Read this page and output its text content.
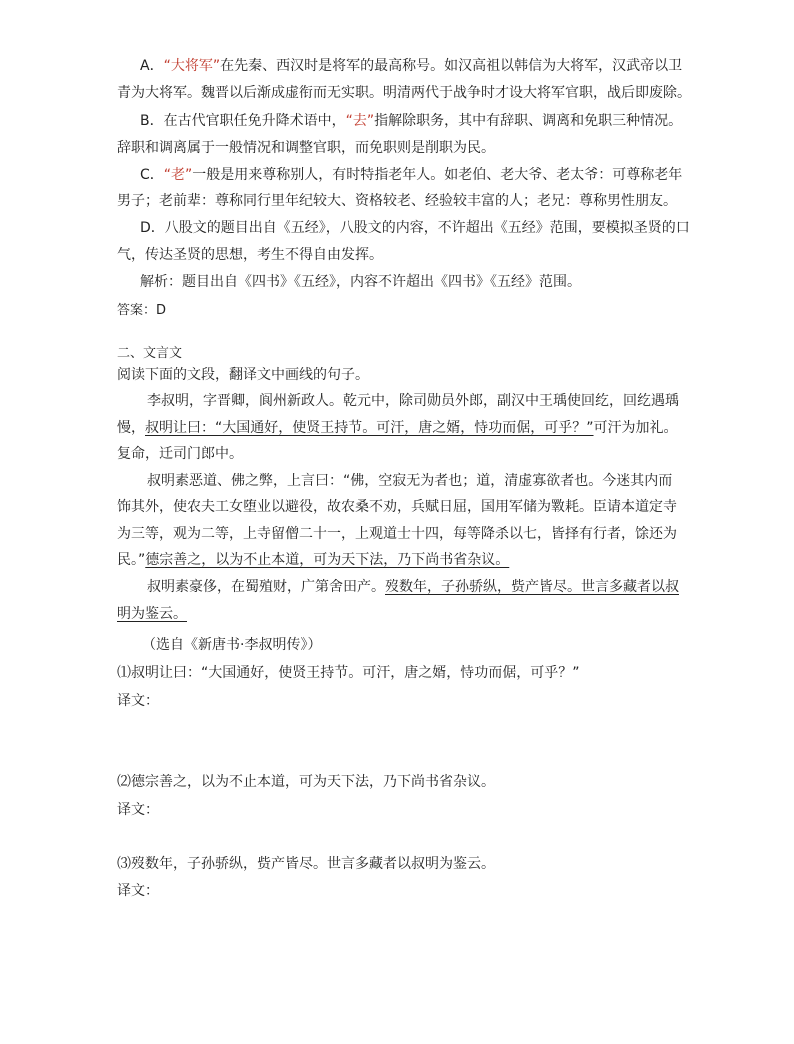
A．“大将军”在先秦、西汉时是将军的最高称号。如汉高祖以韩信为大将军，汉武帝以卫
青为大将军。魏晋以后渐成虚衔而无实职。明清两代于战争时才设大将军官职，战后即废除。
B．在古代官职任免升降术语中，“去”指解除职务，其中有辞职、调离和免职三种情况。
辞职和调离属于一般情况和调整官职，而免职则是削职为民。
C．“老”一般是用来尊称别人，有时特指老年人。如老伯、老大爷、老太爷：可尊称老年
男子；老前辈：尊称同行里年纪较大、资格较老、经验较丰富的人；老兄：尊称男性朋友。
D．八股文的题目出自《五经》，八股文的内容，不许超出《五经》范围，要模拟圣贤的口
气，传达圣贤的思想，考生不得自由发挥。
解析：题目出自《四书》《五经》，内容不许超出《四书》《五经》范围。
答案：D
二、文言文
阅读下面的文段，翻译文中画线的句子。
李叔明，字晋卿，阆州新政人。乾元中，除司勋员外郎，副汉中王瑀使回纥，回纥遇瑀
慢，叔明让曰：“大国通好，使贤王持节。可汗，唐之婿，恃功而倨，可乎？”可汗为加礼。
复命，迁司门郎中。
叔明素恶道、佛之弊，上言曰：“佛，空寂无为者也；道，清虚寡欲者也。今迷其内而
饰其外，使农夫工女堕业以避役，故农桑不劝，兵赋日屈，国用军储为斁耗。臣请本道定寺
为三等，观为二等，上寺留僧二十一，上观道士十四，每等降杀以七，皆择有行者，馀还为
民。”德宗善之，以为不止本道，可为天下法，乃下尚书省杂议。
叔明素豪侈，在蜀殖财，广第舍田产。歿数年，子孙骄纵，赀产皆尽。世言多藏者以叔
明为鉴云。
（选自《新唐书·李叔明传》）
⑴叔明让曰：“大国通好，使贤王持节。可汗，唐之婿，恃功而倨，可乎？”
译文：
⑵德宗善之，以为不止本道，可为天下法，乃下尚书省杂议。
译文：
⑶歿数年，子孙骄纵，赀产皆尽。世言多藏者以叔明为鉴云。
译文：
